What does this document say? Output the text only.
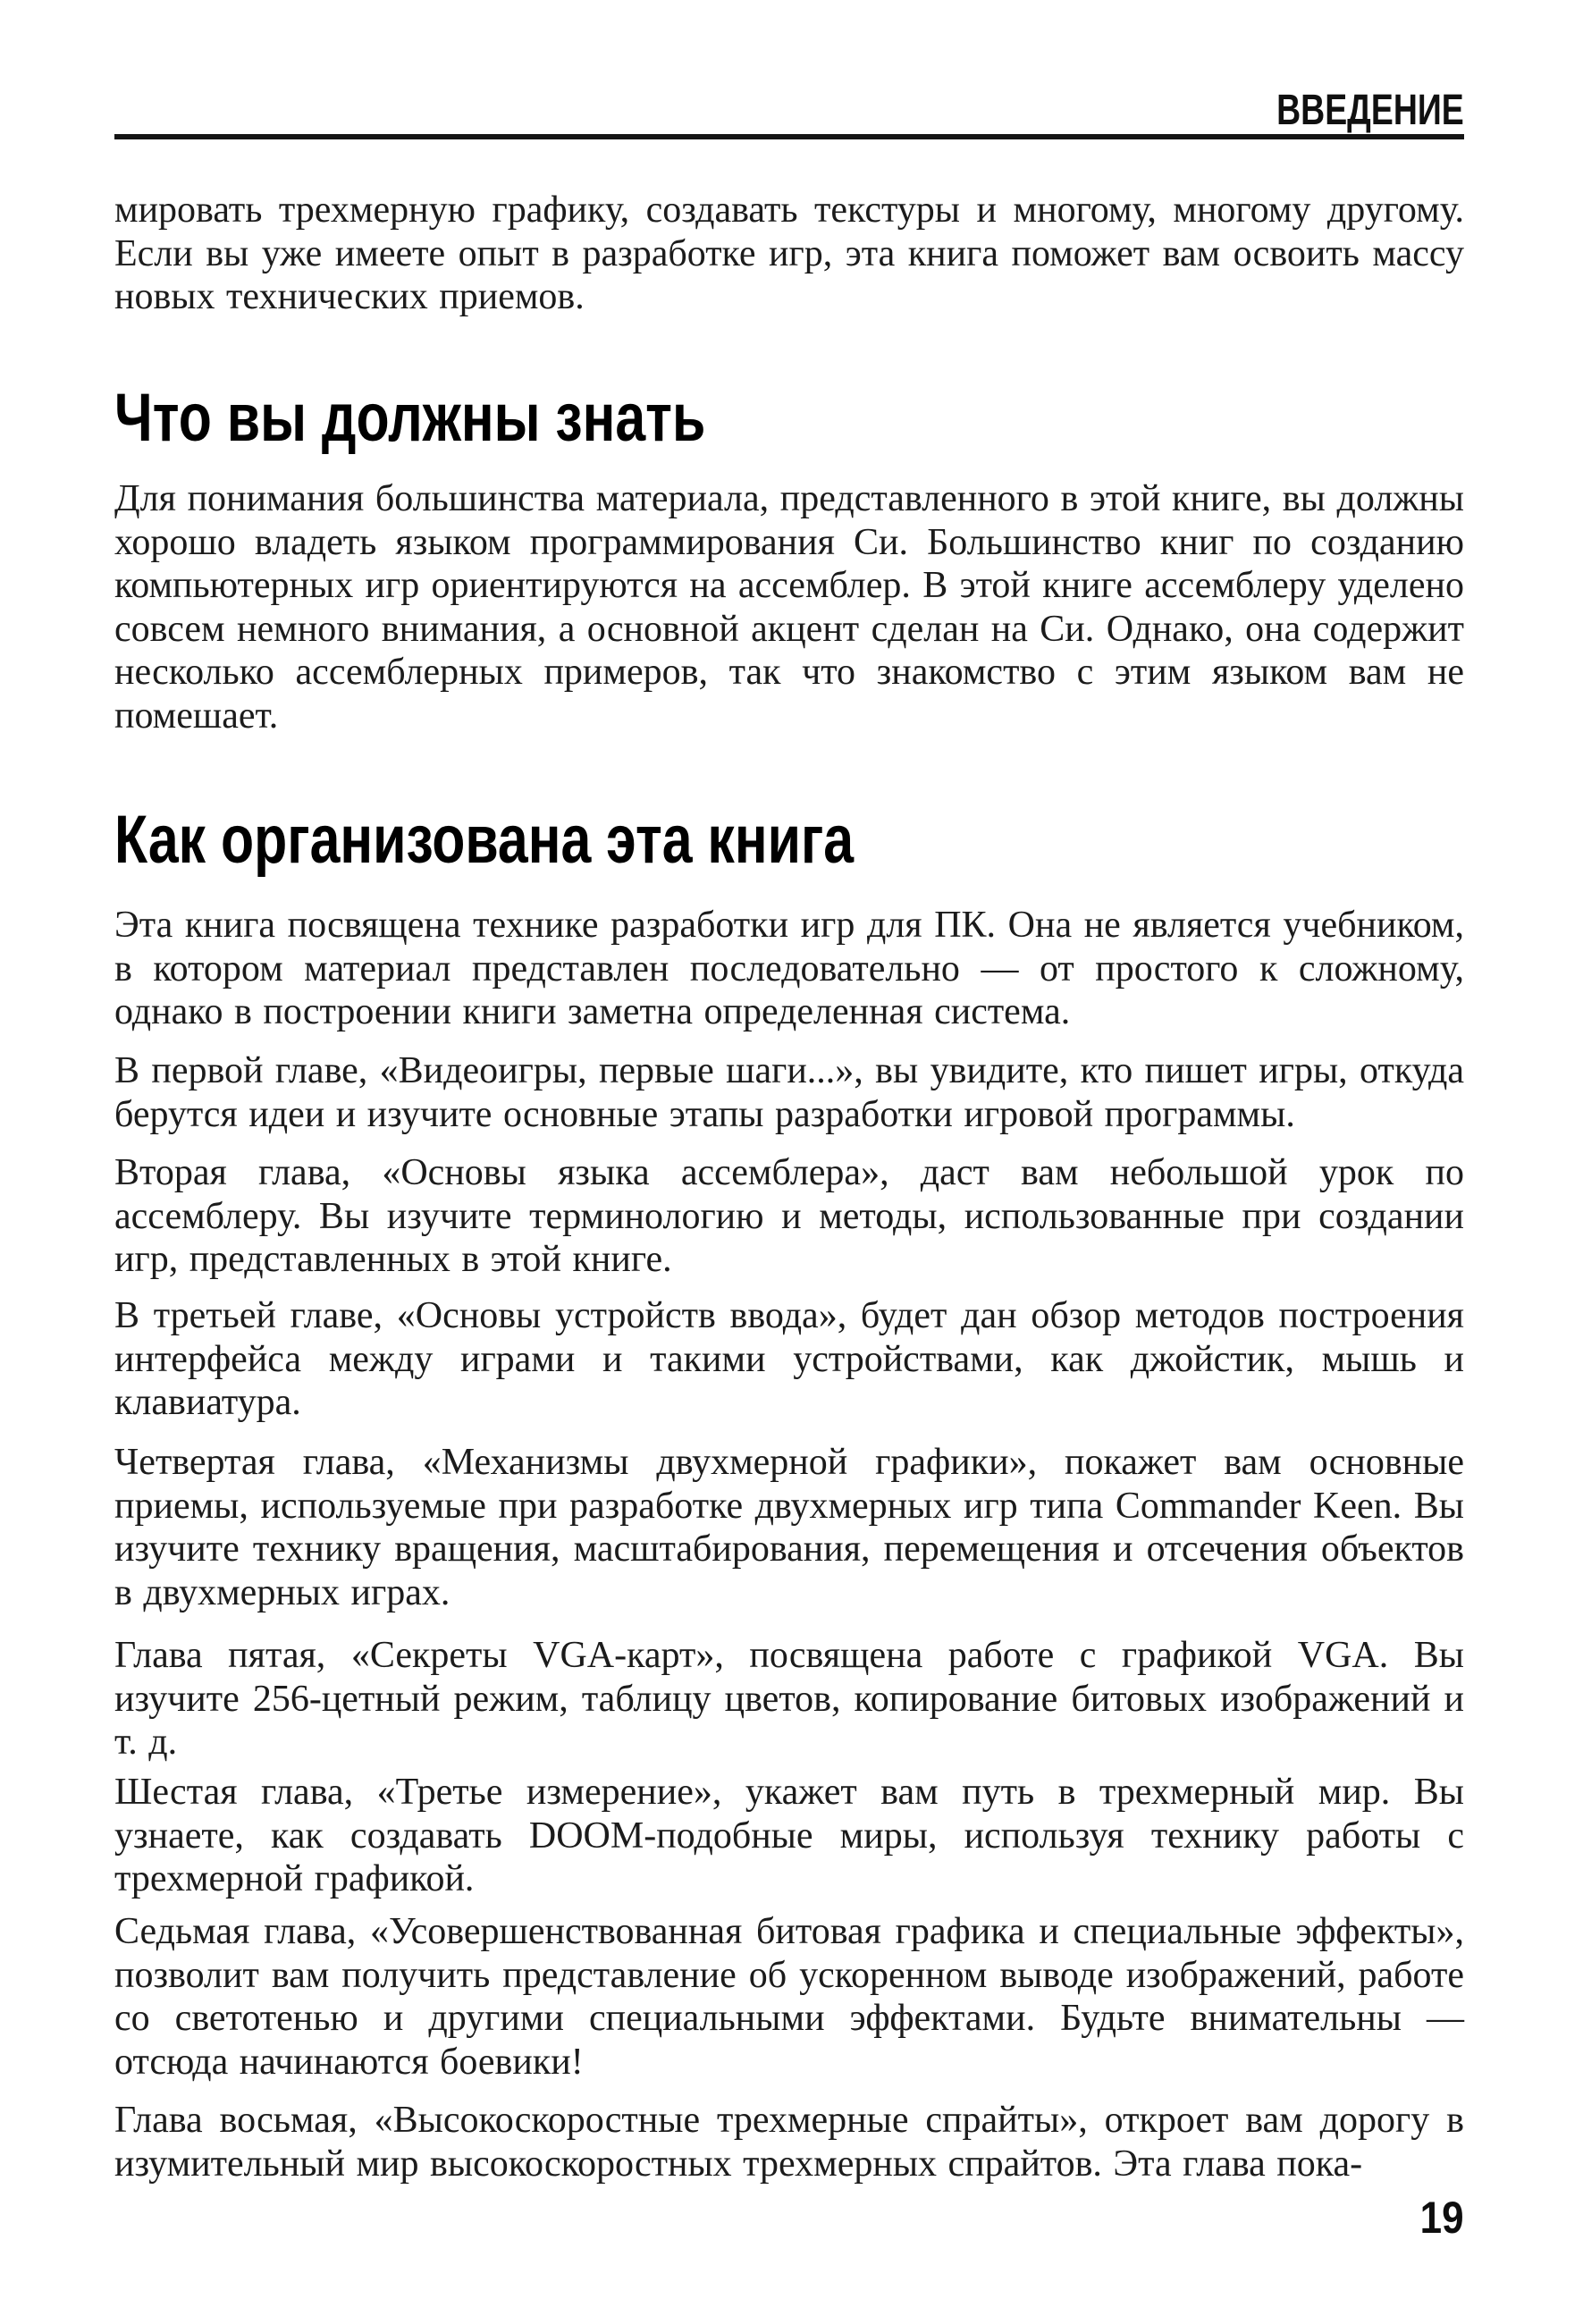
ВВЕДЕНИЕ

мировать трехмерную графику, создавать текстуры и многому, многому другому. Если вы уже имеете опыт в разработке игр, эта книга поможет вам освоить массу новых технических приемов.

Что вы должны знать

Для понимания большинства материала, представленного в этой книге, вы должны хорошо владеть языком программирования Си. Большинство книг по созданию компьютерных игр ориентируются на ассемблер. В этой книге ассемблеру уделено совсем немного внимания, а основной акцент сделан на Си. Однако, она содержит несколько ассемблерных примеров, так что знакомство с этим языком вам не помешает.

Как организована эта книга

Эта книга посвящена технике разработки игр для ПК. Она не является учебником, в котором материал представлен последовательно — от простого к сложному, однако в построении книги заметна определенная система.

В первой главе, «Видеоигры, первые шаги...», вы увидите, кто пишет игры, откуда берутся идеи и изучите основные этапы разработки игровой программы.

Вторая глава, «Основы языка ассемблера», даст вам небольшой урок по ассемблеру. Вы изучите терминологию и методы, использованные при создании игр, представленных в этой книге.

В третьей главе, «Основы устройств ввода», будет дан обзор методов построения интерфейса между играми и такими устройствами, как джойстик, мышь и клавиатура.

Четвертая глава, «Механизмы двухмерной графики», покажет вам основные приемы, используемые при разработке двухмерных игр типа Commander Keen. Вы изучите технику вращения, масштабирования, перемещения и отсечения объектов в двухмерных играх.

Глава пятая, «Секреты VGA-карт», посвящена работе с графикой VGA. Вы изучите 256-цетный режим, таблицу цветов, копирование битовых изображений и т. д.

Шестая глава, «Третье измерение», укажет вам путь в трехмерный мир. Вы узнаете, как создавать DOOM-подобные миры, используя технику работы с трехмерной графикой.

Седьмая глава, «Усовершенствованная битовая графика и специальные эффекты», позволит вам получить представление об ускоренном выводе изображений, работе со светотенью и другими специальными эффектами. Будьте внимательны — отсюда начинаются боевики!

Глава восьмая, «Высокоскоростные трехмерные спрайты», откроет вам дорогу в изумительный мир высокоскоростных трехмерных спрайтов. Эта глава пока-

19
